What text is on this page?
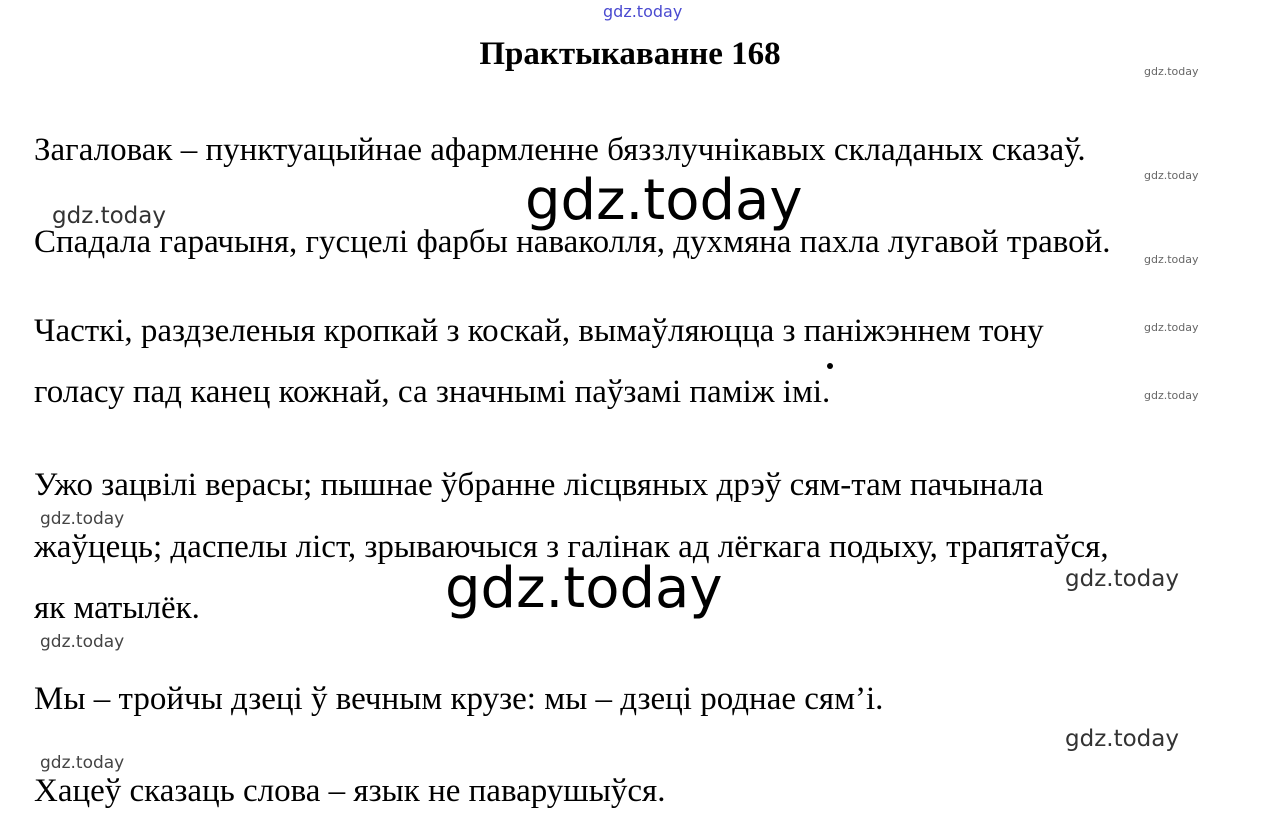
gdz.today
Практыкаванне 168

Загаловак – пунктуацыйнае афармленне бяззлучнікавых складаных сказаў.

Спадала гарачыня, гусцелі фарбы наваколля, духмяна пахла лугавой травой.

Часткі, раздзеленыя кропкай з коскай, вымаўляюцца з паніжэннем тону

голасу пад канец кожнай, са значнымі паўзамі паміж імі.

Ужо зацвілі верасы; пышнае ўбранне лісцвяных дрэў сям-там пачынала

жаўцець; даспелы ліст, зрываючыся з галінак ад лёгкага подыху, трапятаўся,

як матылёк.

Мы – тройчы дзеці ў вечным крузе: мы – дзеці роднае сям’і.

Хацеў сказаць слова – язык не паварушыўся.

gdz.today
gdz.today
gdz.today
gdz.today
gdz.today
gdz.today
gdz.today
gdz.today
gdz.today
gdz.today
gdz.today
gdz.today
gdz.today
